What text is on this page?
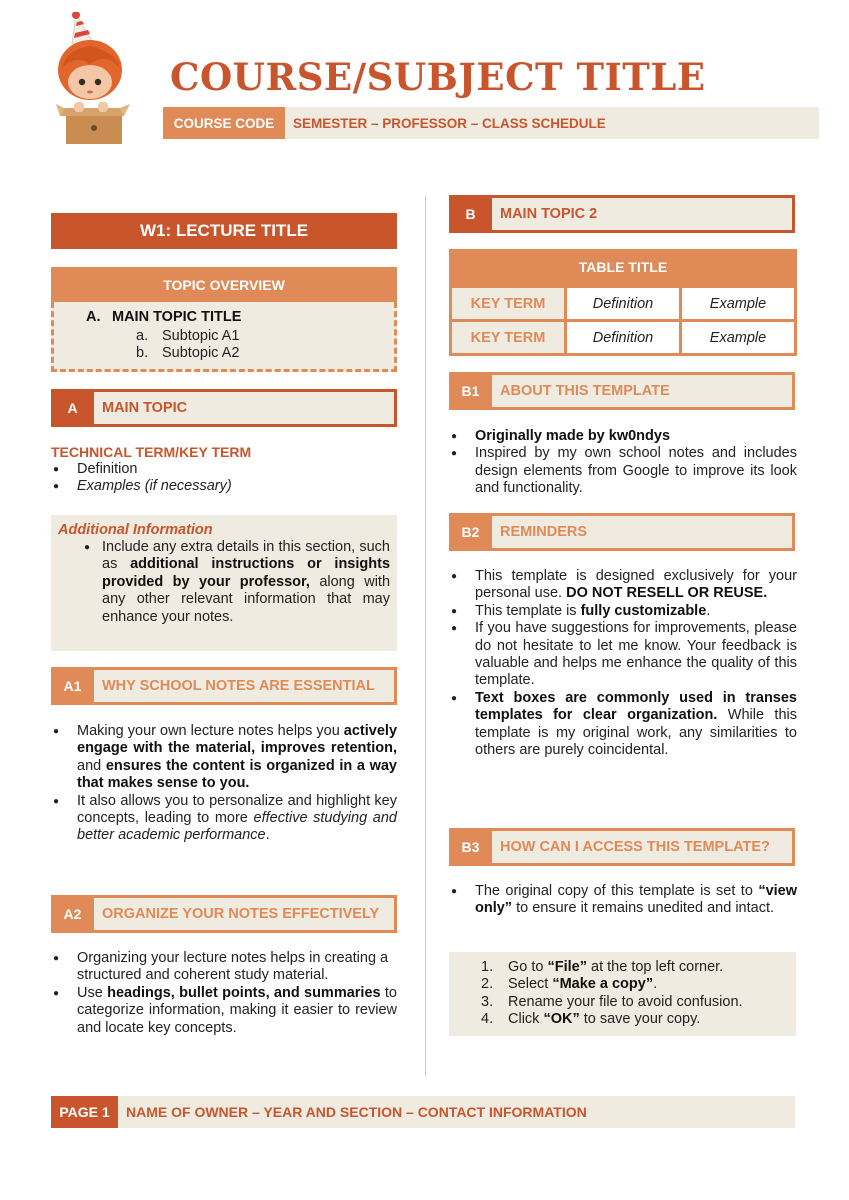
COURSE/SUBJECT TITLE
COURSE CODE	SEMESTER – PROFESSOR – CLASS SCHEDULE
W1: LECTURE TITLE
TOPIC OVERVIEW
A. MAIN TOPIC TITLE
a. Subtopic A1
b. Subtopic A2
A	MAIN TOPIC
TECHNICAL TERM/KEY TERM
● Definition
● Examples (if necessary)
Additional Information
● Include any extra details in this section, such as additional instructions or insights provided by your professor, along with any other relevant information that may enhance your notes.
A1	WHY SCHOOL NOTES ARE ESSENTIAL
● Making your own lecture notes helps you actively engage with the material, improves retention, and ensures the content is organized in a way that makes sense to you.
● It also allows you to personalize and highlight key concepts, leading to more effective studying and better academic performance.
A2	ORGANIZE YOUR NOTES EFFECTIVELY
● Organizing your lecture notes helps in creating a structured and coherent study material.
● Use headings, bullet points, and summaries to categorize information, making it easier to review and locate key concepts.
B	MAIN TOPIC 2
TABLE TITLE
KEY TERM	Definition	Example
KEY TERM	Definition	Example
B1	ABOUT THIS TEMPLATE
● Originally made by kw0ndys
● Inspired by my own school notes and includes design elements from Google to improve its look and functionality.
B2	REMINDERS
● This template is designed exclusively for your personal use. DO NOT RESELL OR REUSE.
● This template is fully customizable.
● If you have suggestions for improvements, please do not hesitate to let me know. Your feedback is valuable and helps me enhance the quality of this template.
● Text boxes are commonly used in transes templates for clear organization. While this template is my original work, any similarities to others are purely coincidental.
B3	HOW CAN I ACCESS THIS TEMPLATE?
● The original copy of this template is set to “view only” to ensure it remains unedited and intact.
1. Go to “File” at the top left corner.
2. Select “Make a copy”.
3. Rename your file to avoid confusion.
4. Click “OK” to save your copy.
PAGE 1	NAME OF OWNER – YEAR AND SECTION – CONTACT INFORMATION
